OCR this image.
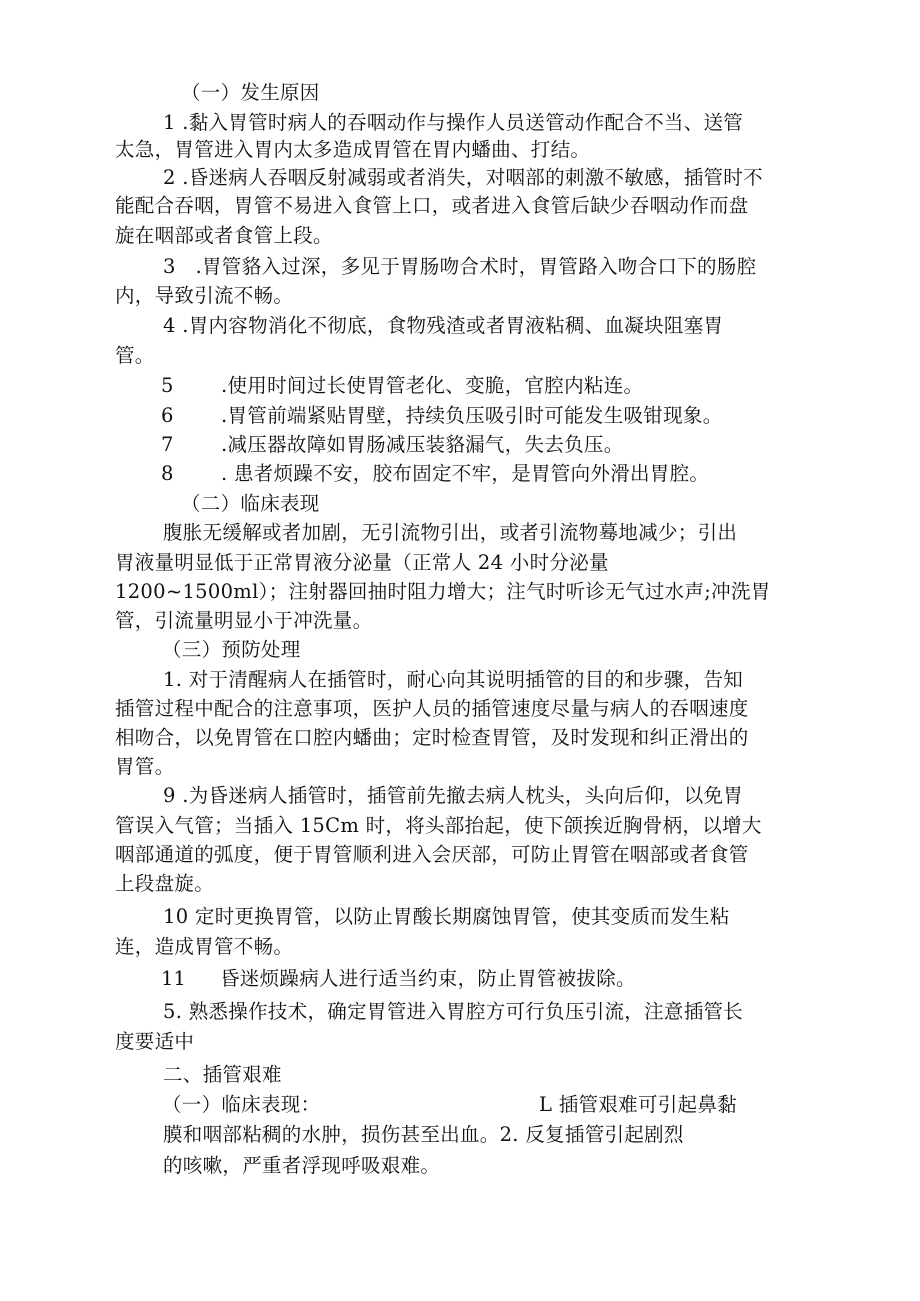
（一）发生原因
1 .黏入胃管时病人的吞咽动作与操作人员送管动作配合不当、送管
太急，胃管进入胃内太多造成胃管在胃内蟠曲、打结。
2 .昏迷病人吞咽反射减弱或者消失，对咽部的刺激不敏感，插管时不
能配合吞咽，胃管不易进入食管上口，或者进入食管后缺少吞咽动作而盘
旋在咽部或者食管上段。
3　.胃管貉入过深，多见于胃肠吻合术时，胃管路入吻合口下的肠腔
内，导致引流不畅。
4 .胃内容物消化不彻底，食物残渣或者胃液粘稠、血凝块阻塞胃
管。
5 .使用时间过长使胃管老化、变脆，官腔内粘连。
6 .胃管前端紧贴胃壁，持续负压吸引时可能发生吸钳现象。
7 .减压器故障如胃肠减压装貉漏气，失去负压。
8 . 患者烦躁不安，胶布固定不牢，是胃管向外滑出胃腔。
（二）临床表现
腹胀无缓解或者加剧，无引流物引出，或者引流物蓦地减少；引出
胃液量明显低于正常胃液分泌量（正常人 24 小时分泌量
1200~1500ml）；注射器回抽时阻力增大；注气时听诊无气过水声;冲洗胃
管，引流量明显小于冲洗量。
（三）预防处理
1. 对于清醒病人在插管时，耐心向其说明插管的目的和步骤，告知
插管过程中配合的注意事项，医护人员的插管速度尽量与病人的吞咽速度
相吻合，以免胃管在口腔内蟠曲；定时检查胃管，及时发现和纠正滑出的
胃管。
9 .为昏迷病人插管时，插管前先撤去病人枕头，头向后仰，以免胃
管误入气管；当插入 15Cm 时，将头部抬起，使下颌挨近胸骨柄，以增大
咽部通道的弧度，便于胃管顺利进入会厌部，可防止胃管在咽部或者食管
上段盘旋。
10 定时更换胃管，以防止胃酸长期腐蚀胃管，使其变质而发生粘
连，造成胃管不畅。
11 昏迷烦躁病人进行适当约束，防止胃管被拔除。
5. 熟悉操作技术，确定胃管进入胃腔方可行负压引流，注意插管长
度要适中
二、插管艰难
（一）临床表现：	L 插管艰难可引起鼻黏
膜和咽部粘稠的水肿，损伤甚至出血。2. 反复插管引起剧烈
的咳嗽，严重者浮现呼吸艰难。
